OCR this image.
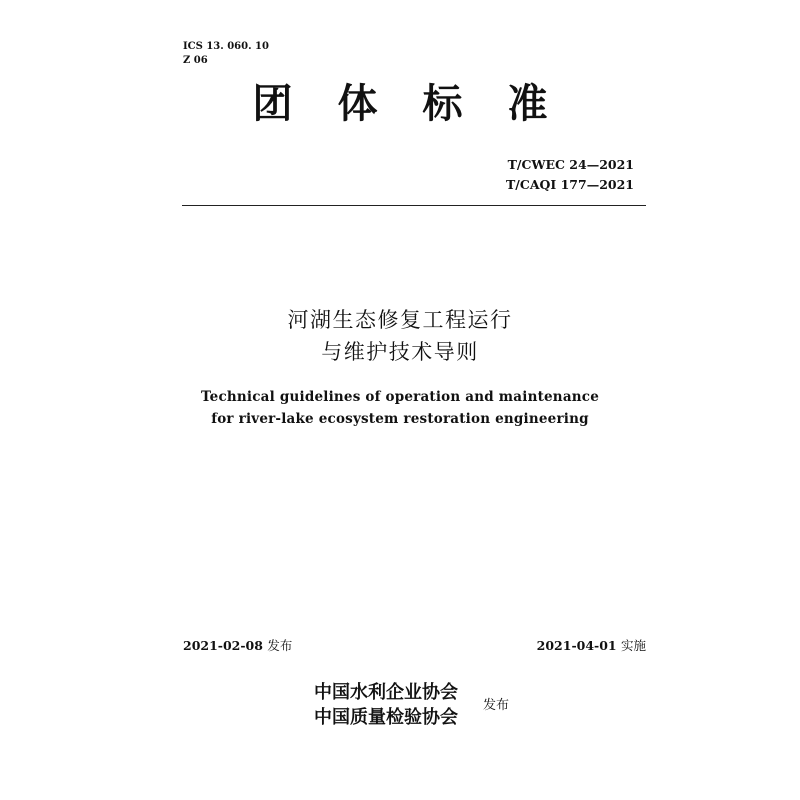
ICS 13. 060. 10
Z 06
团体标准
T/CWEC 24—2021
T/CAQI 177—2021
河湖生态修复工程运行
与维护技术导则
Technical guidelines of operation and maintenance
for river-lake ecosystem restoration engineering
2021-02-08 发布	2021-04-01 实施
中国水利企业协会
中国质量检验协会
发布
